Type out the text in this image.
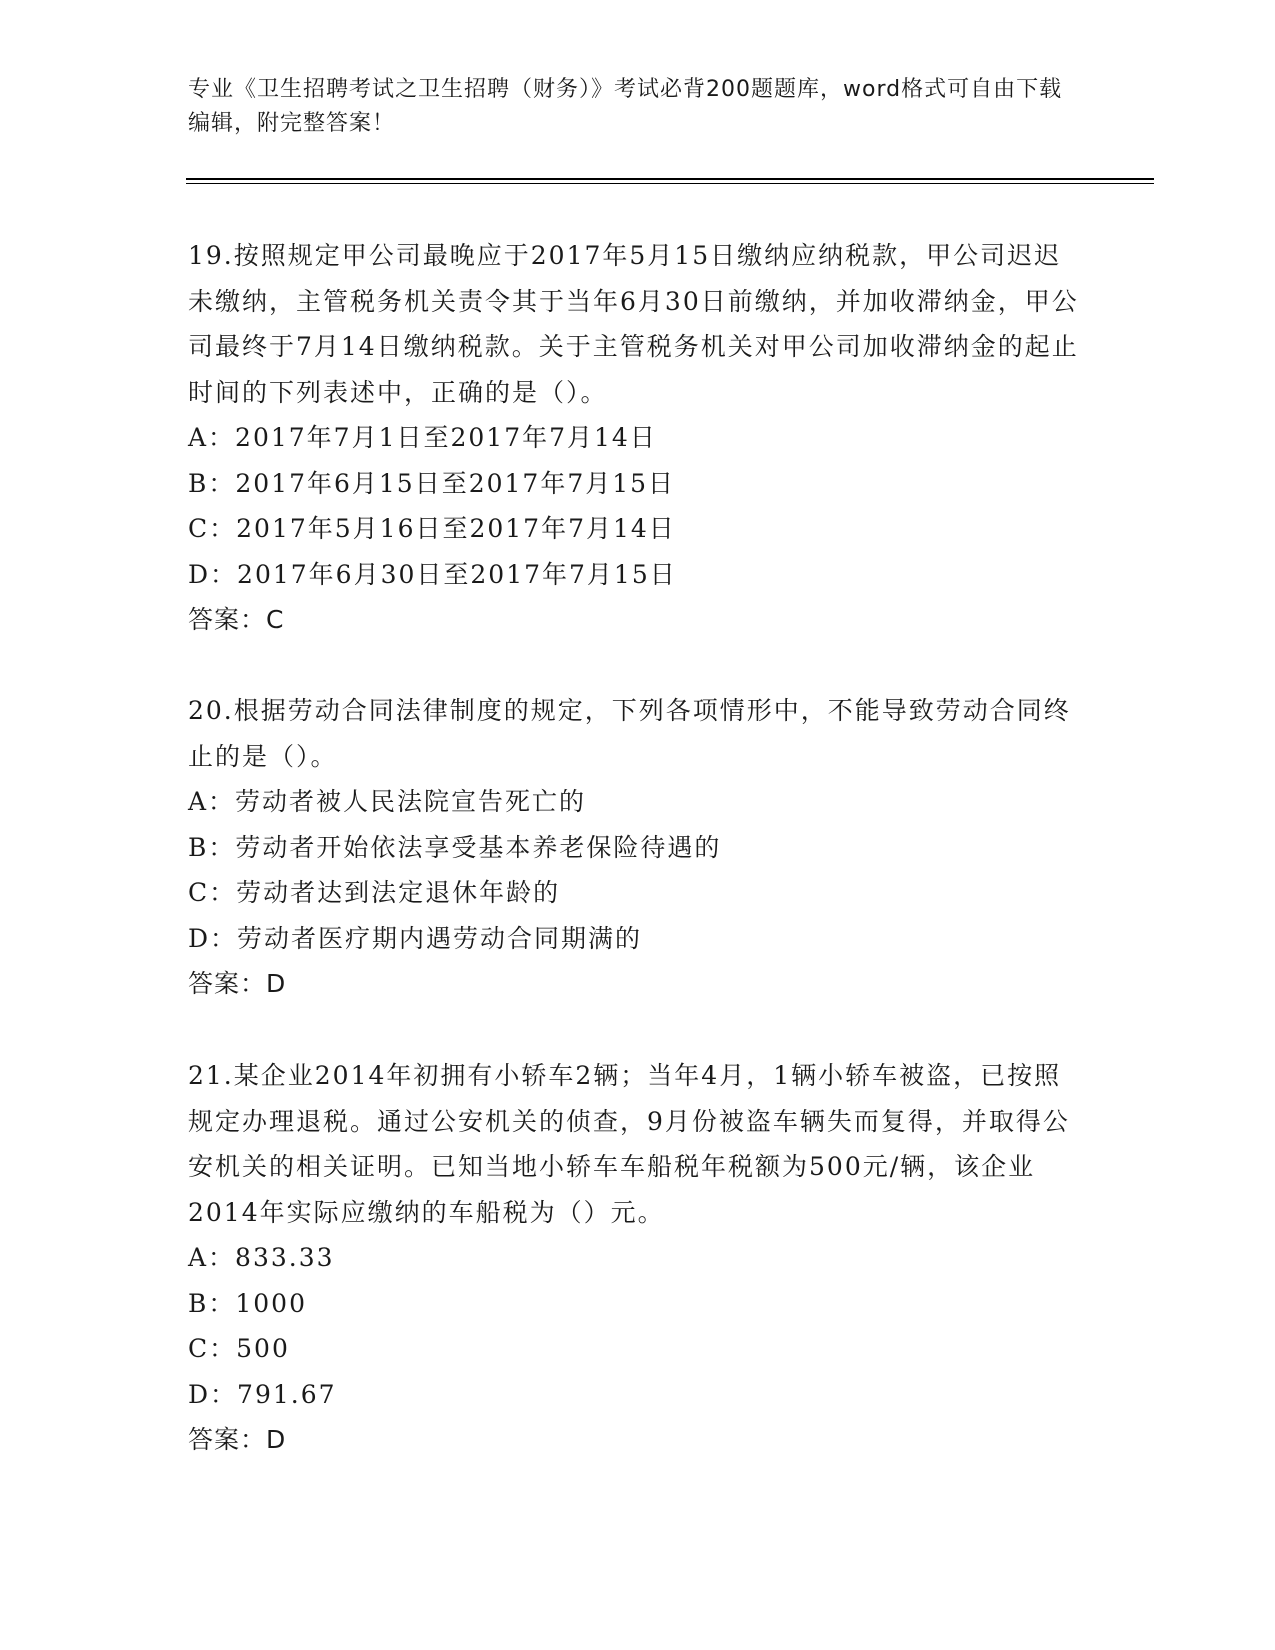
专业《卫生招聘考试之卫生招聘（财务）》考试必背200题题库，word格式可自由下载编辑，附完整答案！
19.按照规定甲公司最晚应于2017年5月15日缴纳应纳税款，甲公司迟迟未缴纳，主管税务机关责令其于当年6月30日前缴纳，并加收滞纳金，甲公司最终于7月14日缴纳税款。关于主管税务机关对甲公司加收滞纳金的起止时间的下列表述中，正确的是（）。
A：2017年7月1日至2017年7月14日
B：2017年6月15日至2017年7月15日
C：2017年5月16日至2017年7月14日
D：2017年6月30日至2017年7月15日
答案：C
20.根据劳动合同法律制度的规定，下列各项情形中，不能导致劳动合同终止的是（）。
A：劳动者被人民法院宣告死亡的
B：劳动者开始依法享受基本养老保险待遇的
C：劳动者达到法定退休年龄的
D：劳动者医疗期内遇劳动合同期满的
答案：D
21.某企业2014年初拥有小轿车2辆；当年4月，1辆小轿车被盗，已按照规定办理退税。通过公安机关的侦查，9月份被盗车辆失而复得，并取得公安机关的相关证明。已知当地小轿车车船税年税额为500元/辆，该企业2014年实际应缴纳的车船税为（）元。
A：833.33
B：1000
C：500
D：791.67
答案：D
